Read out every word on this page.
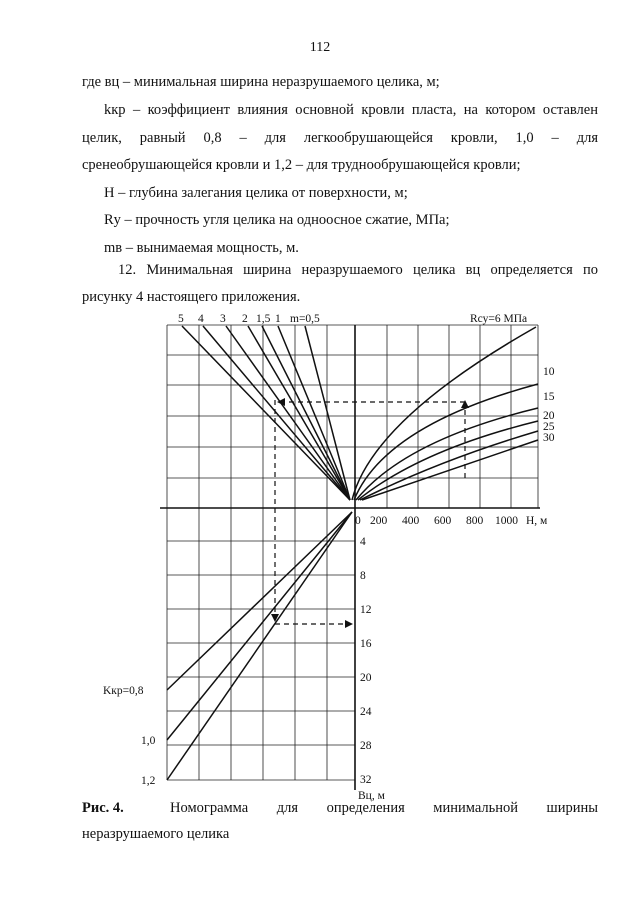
112
где вц – минимальная ширина неразрушаемого целика, м;
kкр – коэффициент влияния основной кровли пласта, на котором оставлен
целик, равный 0,8 – для легкообрушающейся кровли, 1,0 – для
сренеобрушающейся кровли и 1,2 – для труднообрушающейся кровли;
H – глубина залегания целика от поверхности, м;
Rу – прочность угля целика на одноосное сжатие, МПа;
mв – вынимаемая мощность, м.
12. Минимальная ширина неразрушаемого целика вц определяется по
рисунку 4 настоящего приложения.
5 4 3 2 1,5 1 m=0,5	Rсу=6 МПа
10
15
20
25
30
0 200 400 600 800 1000 H, м
4
8
12
16
20
24
28
32
Вц, м
Kкр=0,8
1,0
1,2
Рис. 4.	Номограмма для определения минимальной ширины
неразрушаемого целика
